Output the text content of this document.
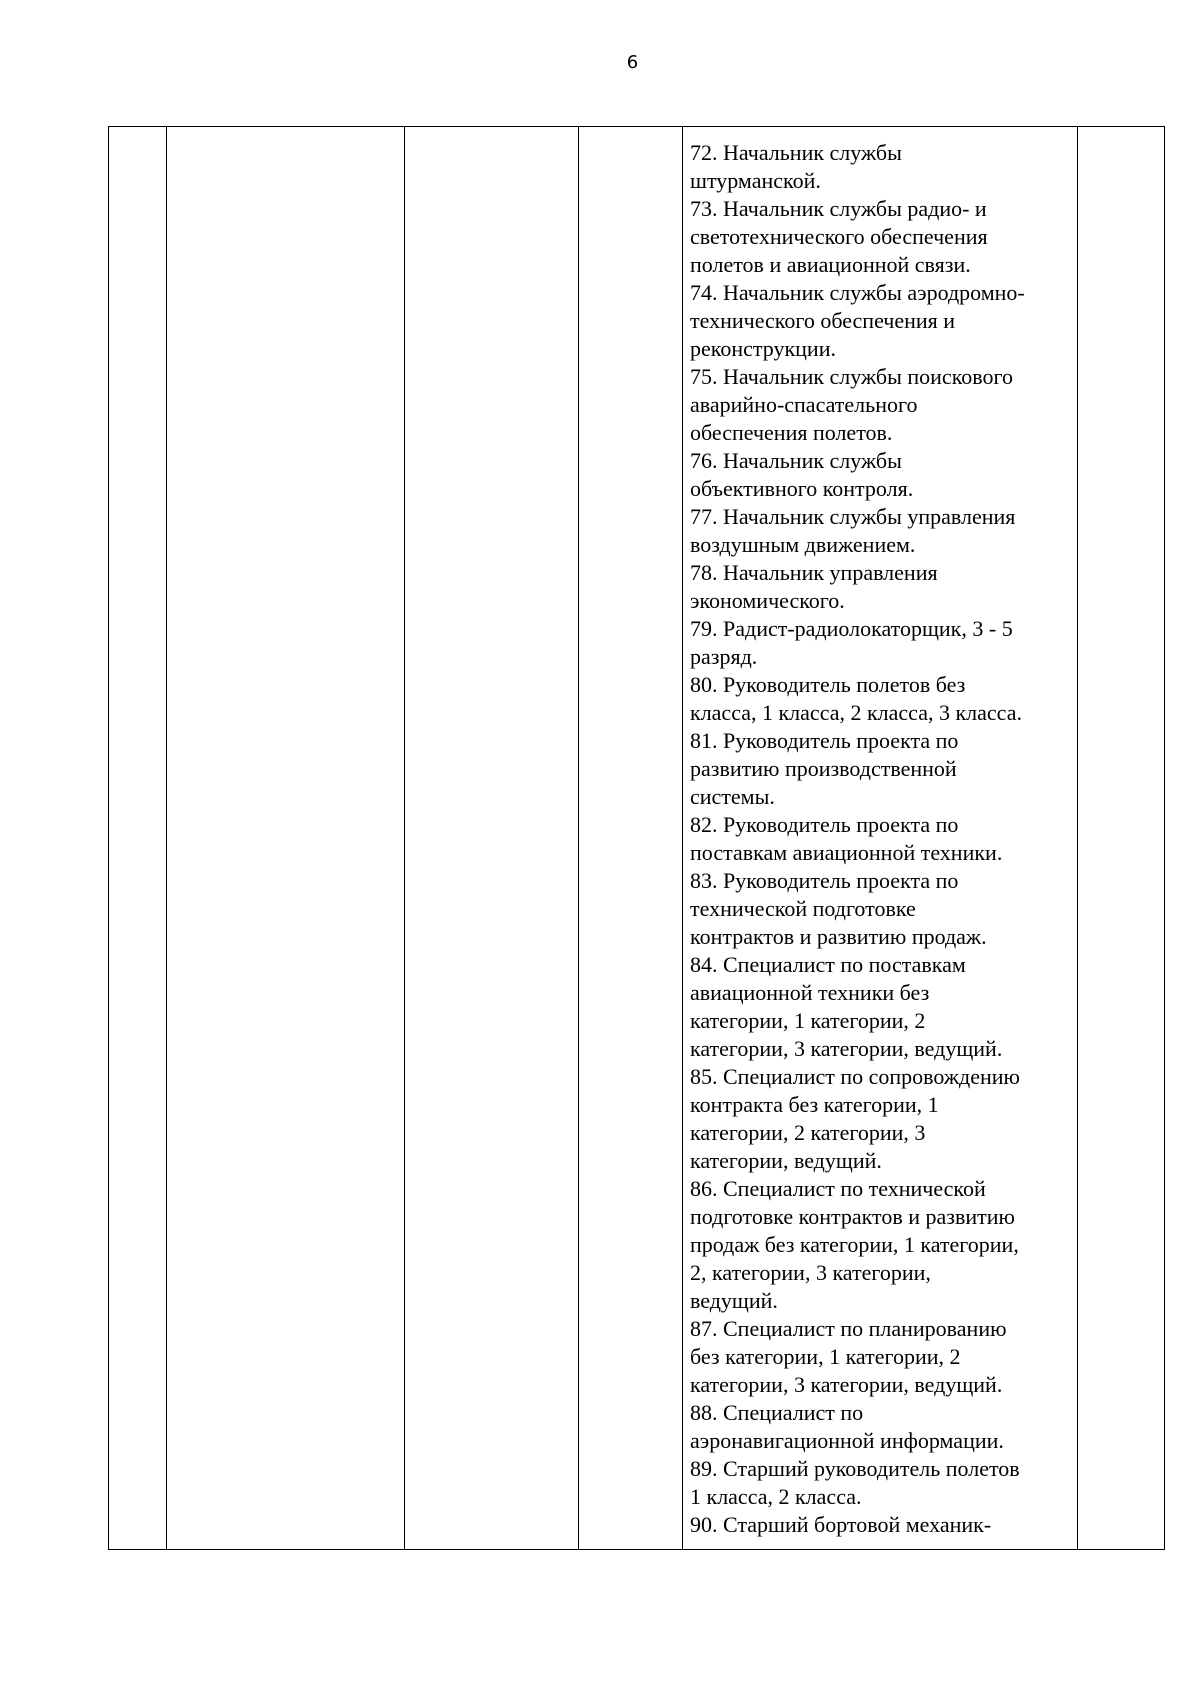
6

72. Начальник службы
штурманской.
73. Начальник службы радио- и
светотехнического обеспечения
полетов и авиационной связи.
74. Начальник службы аэродромно-
технического обеспечения и
реконструкции.
75. Начальник службы поискового
аварийно-спасательного
обеспечения полетов.
76. Начальник службы
объективного контроля.
77. Начальник службы управления
воздушным движением.
78. Начальник управления
экономического.
79. Радист-радиолокаторщик, 3 - 5
разряд.
80. Руководитель полетов без
класса, 1 класса, 2 класса, 3 класса.
81. Руководитель проекта по
развитию производственной
системы.
82. Руководитель проекта по
поставкам авиационной техники.
83. Руководитель проекта по
технической подготовке
контрактов и развитию продаж.
84. Специалист по поставкам
авиационной техники без
категории, 1 категории, 2
категории, 3 категории, ведущий.
85. Специалист по сопровождению
контракта без категории, 1
категории, 2 категории, 3
категории, ведущий.
86. Специалист по технической
подготовке контрактов и развитию
продаж без категории, 1 категории,
2, категории, 3 категории,
ведущий.
87. Специалист по планированию
без категории, 1 категории, 2
категории, 3 категории, ведущий.
88. Специалист по
аэронавигационной информации.
89. Старший руководитель полетов
1 класса, 2 класса.
90. Старший бортовой механик-
